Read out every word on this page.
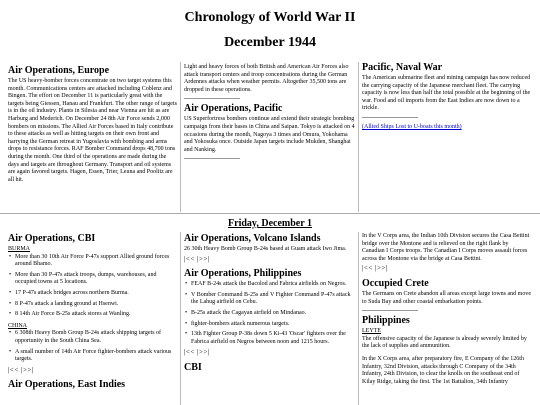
Chronology of World War II
December 1944
Air Operations, Europe

The US heavy-bomber forces concentrate on two target systems this month. Communications centers are attacked including Coblenz and Bingen. The effort on December 11 is particularly great with the targets being Giessen, Hanau and Frankfurt. The other range of targets is in the oil industry. Plants in Silesia and near Vienna are hit as are Harburg and Mederich. On December 24 8th Air Force sends 2,000 bombers on missions. The Allied Air Forces based in Italy contribute to these attacks as well as hitting targets on their own front and harrying the German retreat in Yugoslavia with bombing and arms drops to resistance forces. RAF Bomber Command drops 48,700 tons during the month. One third of the operations are made during the days and targets are throughout Germany. Transport and oil systems are again favored targets. Hagen, Essen, Trier, Leuna and Poolitz are all hit.

Light and heavy forces of both British and American Air Forces also attack transport centers and troop concentrations during the German Ardennes attacks when weather permits. Altogether 35,500 tons are dropped in these operations.

Air Operations, Pacific

US Superfortress bombers continue and extend their strategic bombing campaign from their bases in China and Saipan. Tokyo is attacked on 4 occasions during the month, Nagoya 3 times and Omura, Yokohama and Yokosuka once. Outside Japan targets include Mukden, Shanghai and Nanking.

Pacific, Naval War

The American submarine fleet and mining campaign has now reduced the carrying capacity of the Japanese merchant fleet. The carrying capacity is now less than half the total possible at the beginning of the war. Food and oil imports from the East Indies are now down to a trickle.

(Allied Ships Lost to U-boats this month)
Friday, December 1
Air Operations, CBI
BURMA
• More than 30 10th Air Force P-47s support Allied ground forces around Bhamo.
• More than 30 P-47s attack troops, dumps, warehouses, and occupied towns at 5 locations.
• 17 P-47s attack bridges across northern Burma.
• 8 P-47s attack a landing ground at Hsenwi.
• 8 14th Air Force B-25s attack stores at Wanling.
CHINA
• 6 308th Heavy Bomb Group B-24s attack shipping targets of opportunity in the South China Sea.
• A small number of 14th Air Force fighter-bombers attack various targets.
|<< |>>|
Air Operations, East Indies
Air Operations, Volcano Islands

26 30th Heavy Bomb Group B-24s based at Guam attack Iwo Jima.

|<< |>>|
Air Operations, Philippines
• FEAF B-24s attack the Bacolod and Fabrica airfields on Negros.
• V Bomber Command B-25s and V Fighter Command P-47s attack the Lahug airfield on Cebu.
• B-25s attack the Cagayan airfield on Mindanao.
• fighter-bombers attack numerous targets.
• 13th Fighter Group P-38s down 5 Ki-43 'Oscar' fighters over the Fabrica airfield on Negros between noon and 1215 hours.
|<< |>>|
CBI

In the V Corps area, the Indian 10th Division secures the Casa Bettini bridge over the Montone and is relieved on the right flank by Canadian I Corps troops. The Canadian I Corps moves assault forces across the Montone via the bridge at Casa Bettini.

|<< |>>|
Occupied Crete

The Germans on Crete abandon all areas except large towns and move to Suda Bay and other coastal embarkation points.

Philippines
LEYTE

The offensive capacity of the Japanese is already severely limited by the lack of supplies and ammunition.

In the X Corps area, after preparatory fire, E Company of the 126th Infantry, 32nd Division, attacks through C Company of the 34th Infantry, 24th Division, to clear the knolls on the southeast end of Kilay Ridge, taking the first. The 1st Battalion, 34th Infantry
